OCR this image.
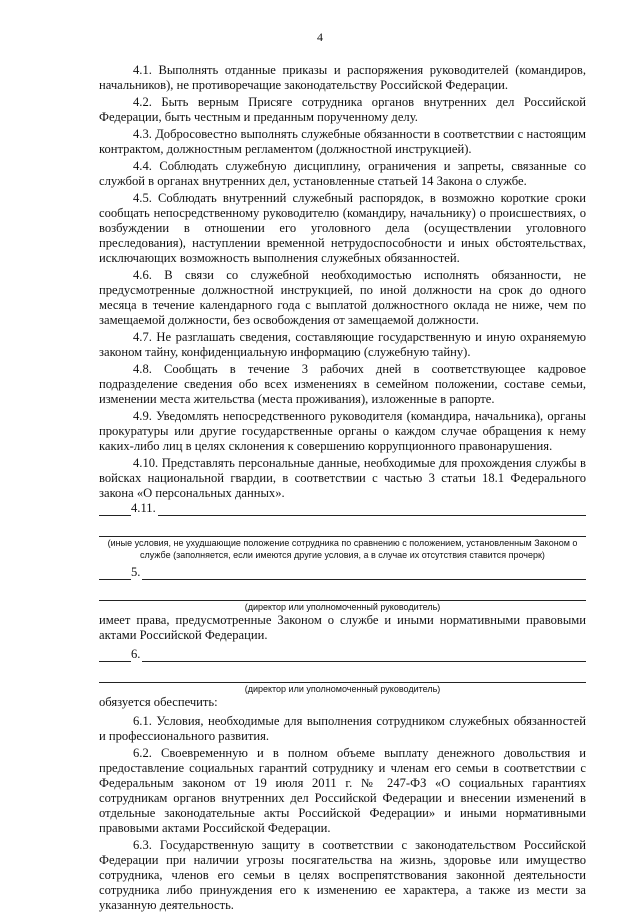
4

4.1. Выполнять отданные приказы и распоряжения руководителей (командиров, начальников), не противоречащие законодательству Российской Федерации.

4.2. Быть верным Присяге сотрудника органов внутренних дел Российской Федерации, быть честным и преданным порученному делу.

4.3. Добросовестно выполнять служебные обязанности в соответствии с настоящим контрактом, должностным регламентом (должностной инструкцией).

4.4. Соблюдать служебную дисциплину, ограничения и запреты, связанные со службой в органах внутренних дел, установленные статьей 14 Закона о службе.

4.5. Соблюдать внутренний служебный распорядок, в возможно короткие сроки сообщать непосредственному руководителю (командиру, начальнику) о происшествиях, о возбуждении в отношении его уголовного дела (осуществлении уголовного преследования), наступлении временной нетрудоспособности и иных обстоятельствах, исключающих возможность выполнения служебных обязанностей.

4.6. В связи со служебной необходимостью исполнять обязанности, не предусмотренные должностной инструкцией, по иной должности на срок до одного месяца в течение календарного года с выплатой должностного оклада не ниже, чем по замещаемой должности, без освобождения от замещаемой должности.

4.7. Не разглашать сведения, составляющие государственную и иную охраняемую законом тайну, конфиденциальную информацию (служебную тайну).

4.8. Сообщать в течение 3 рабочих дней в соответствующее кадровое подразделение сведения обо всех изменениях в семейном положении, составе семьи, изменении места жительства (места проживания), изложенные в рапорте.

4.9. Уведомлять непосредственного руководителя (командира, начальника), органы прокуратуры или другие государственные органы о каждом случае обращения к нему каких-либо лиц в целях склонения к совершению коррупционного правонарушения.

4.10. Представлять персональные данные, необходимые для прохождения службы в войсках национальной гвардии, в соответствии с частью 3 статьи 18.1 Федерального закона «О персональных данных».

4.11.

(иные условия, не ухудшающие положение сотрудника по сравнению с положением, установленным Законом о службе (заполняется, если имеются другие условия, а в случае их отсутствия ставится прочерк)

5.

(директор или уполномоченный руководитель)

имеет права, предусмотренные Законом о службе и иными нормативными правовыми актами Российской Федерации.

6.

(директор или уполномоченный руководитель)

обязуется обеспечить:

6.1. Условия, необходимые для выполнения сотрудником служебных обязанностей и профессионального развития.

6.2. Своевременную и в полном объеме выплату денежного довольствия и предоставление социальных гарантий сотруднику и членам его семьи в соответствии с Федеральным законом от 19 июля 2011 г. № 247-ФЗ «О социальных гарантиях сотрудникам органов внутренних дел Российской Федерации и внесении изменений в отдельные законодательные акты Российской Федерации» и иными нормативными правовыми актами Российской Федерации.

6.3. Государственную защиту в соответствии с законодательством Российской Федерации при наличии угрозы посягательства на жизнь, здоровье или имущество сотрудника, членов его семьи в целях воспрепятствования законной деятельности сотрудника либо принуждения его к изменению ее характера, а также из мести за указанную деятельность.
